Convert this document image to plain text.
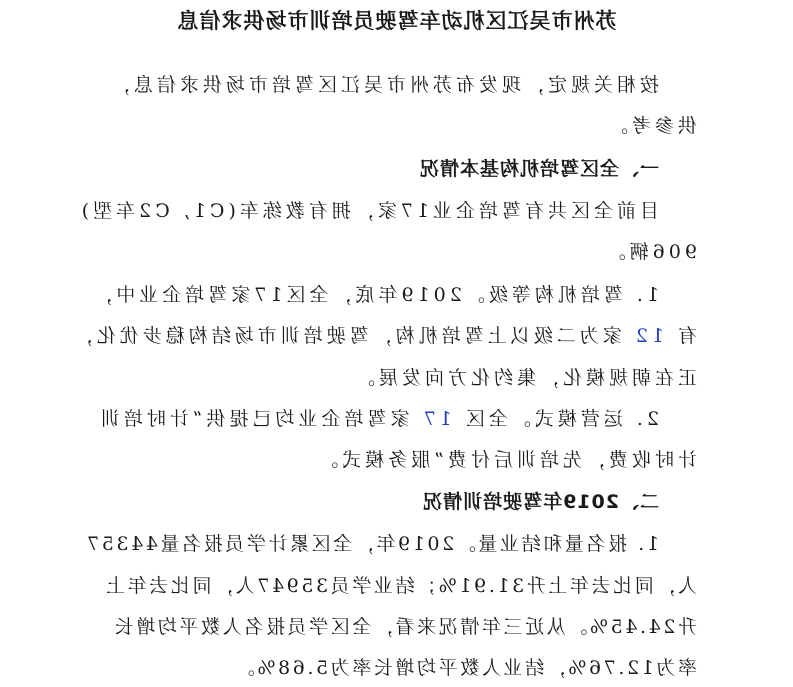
苏州市吴江区机动车驾驶员培训市场供求信息
按相关规定，现发布苏州市吴江区驾培市场供求信息，
供参考。
一、全区驾培机构基本情况
目前全区共有驾培企业17家，拥有教练车(C1, C2车型)
906辆。
1. 驾培机构等级。2019年底，全区17家驾培企业中，
有 12 家为二级以上驾培机构，驾驶培训市场结构稳步优化，
正在朝规模化，集约化方向发展。
2. 运营模式。全区 17 家驾培企业均已提供“计时培训
计时收费，先培训后付费”服务模式。
二、2019年驾驶培训情况
1. 报名量和结业量。2019年，全区累计学员报名量44357
人，同比去年上升31.91%；结业学员35947人，同比去年上
升24.45%。从近三年情况来看，全区学员报名人数平均增长
率为12.76%，结业人数平均增长率为5.68%。
